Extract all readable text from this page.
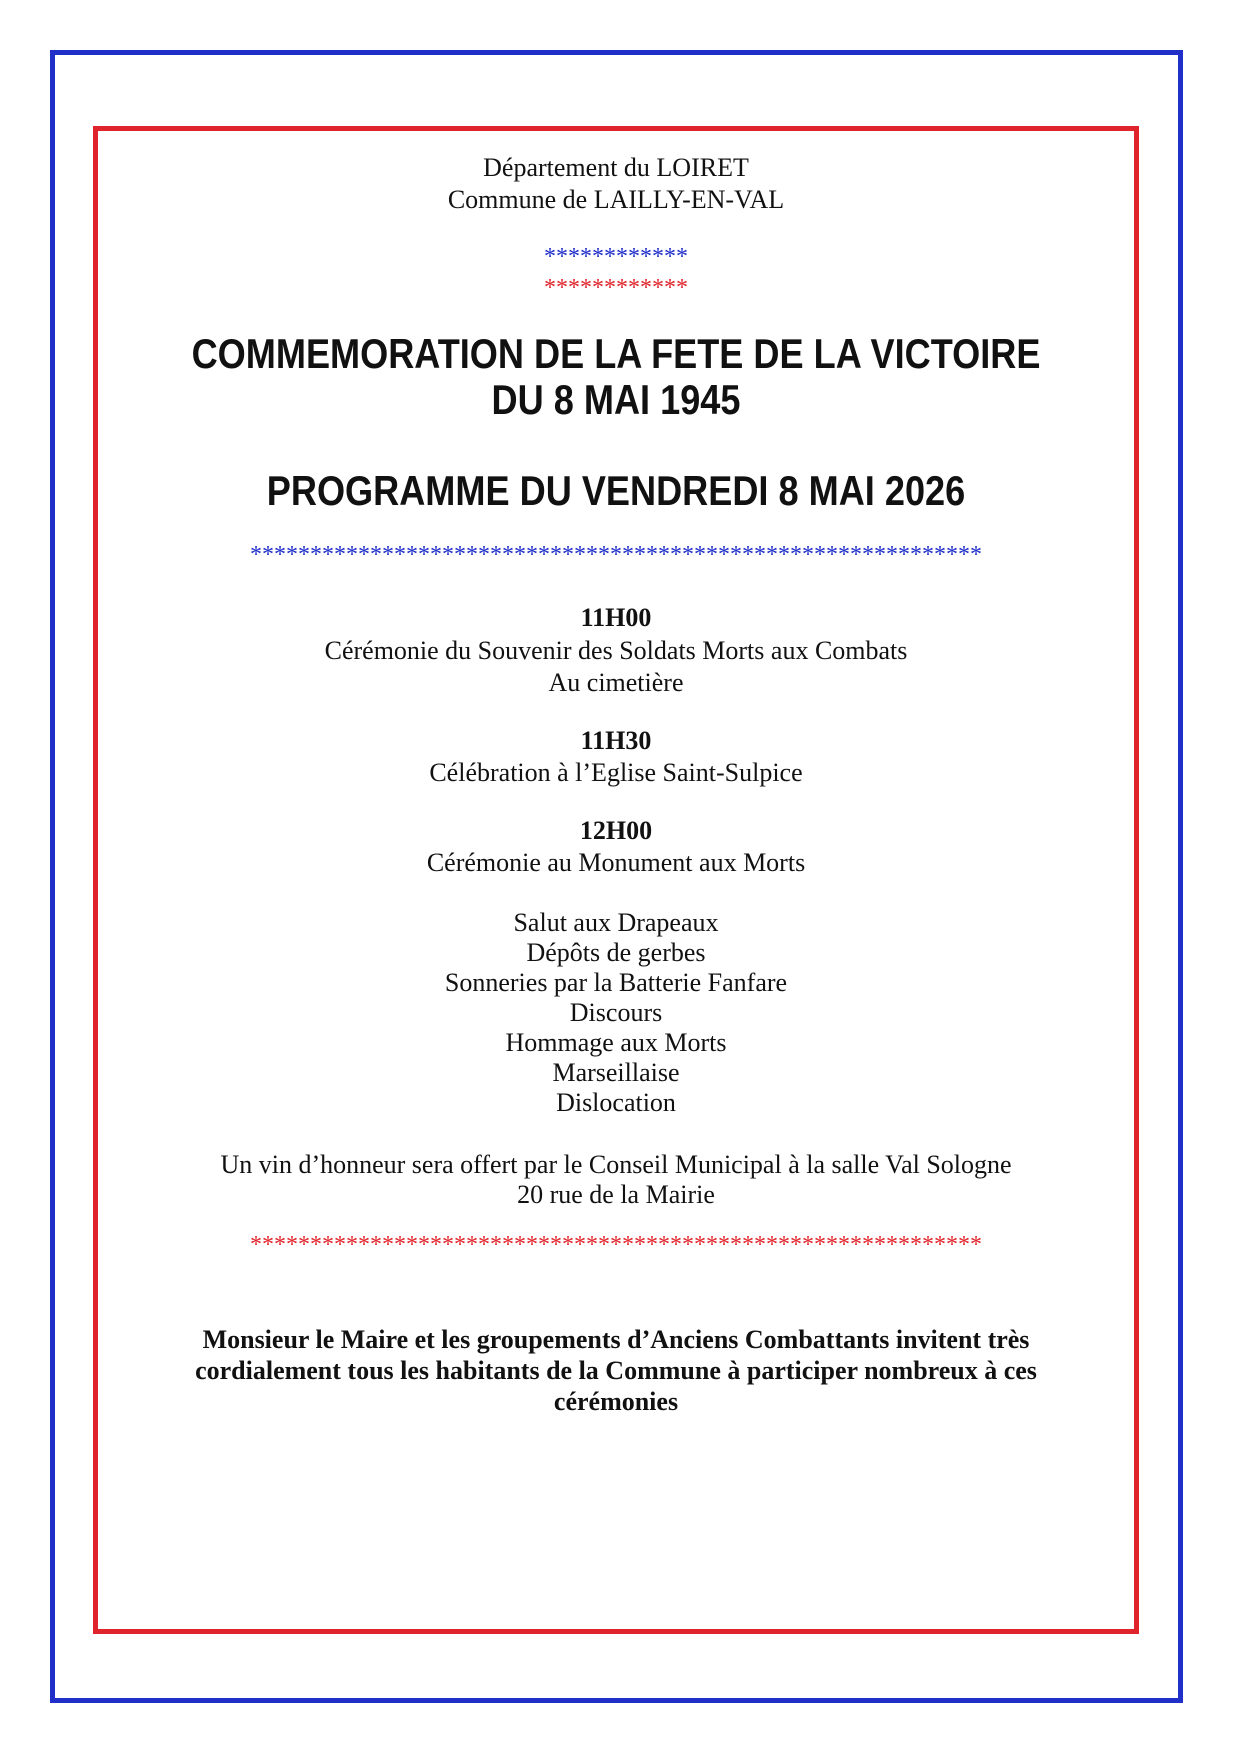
Département du LOIRET
Commune de LAILLY-EN-VAL
************
************
COMMEMORATION DE LA FETE DE LA VICTOIRE
DU 8 MAI 1945
PROGRAMME DU VENDREDI 8 MAI 2026
*************************************************************
11H00
Cérémonie du Souvenir des Soldats Morts aux Combats
Au cimetière
11H30
Célébration à l’Eglise Saint-Sulpice
12H00
Cérémonie au Monument aux Morts
Salut aux Drapeaux
Dépôts de gerbes
Sonneries par la Batterie Fanfare
Discours
Hommage aux Morts
Marseillaise
Dislocation
Un vin d’honneur sera offert par le Conseil Municipal à la salle Val Sologne
20 rue de la Mairie
*************************************************************
Monsieur le Maire et les groupements d’Anciens Combattants invitent très
cordialement tous les habitants de la Commune à participer nombreux à ces
cérémonies
